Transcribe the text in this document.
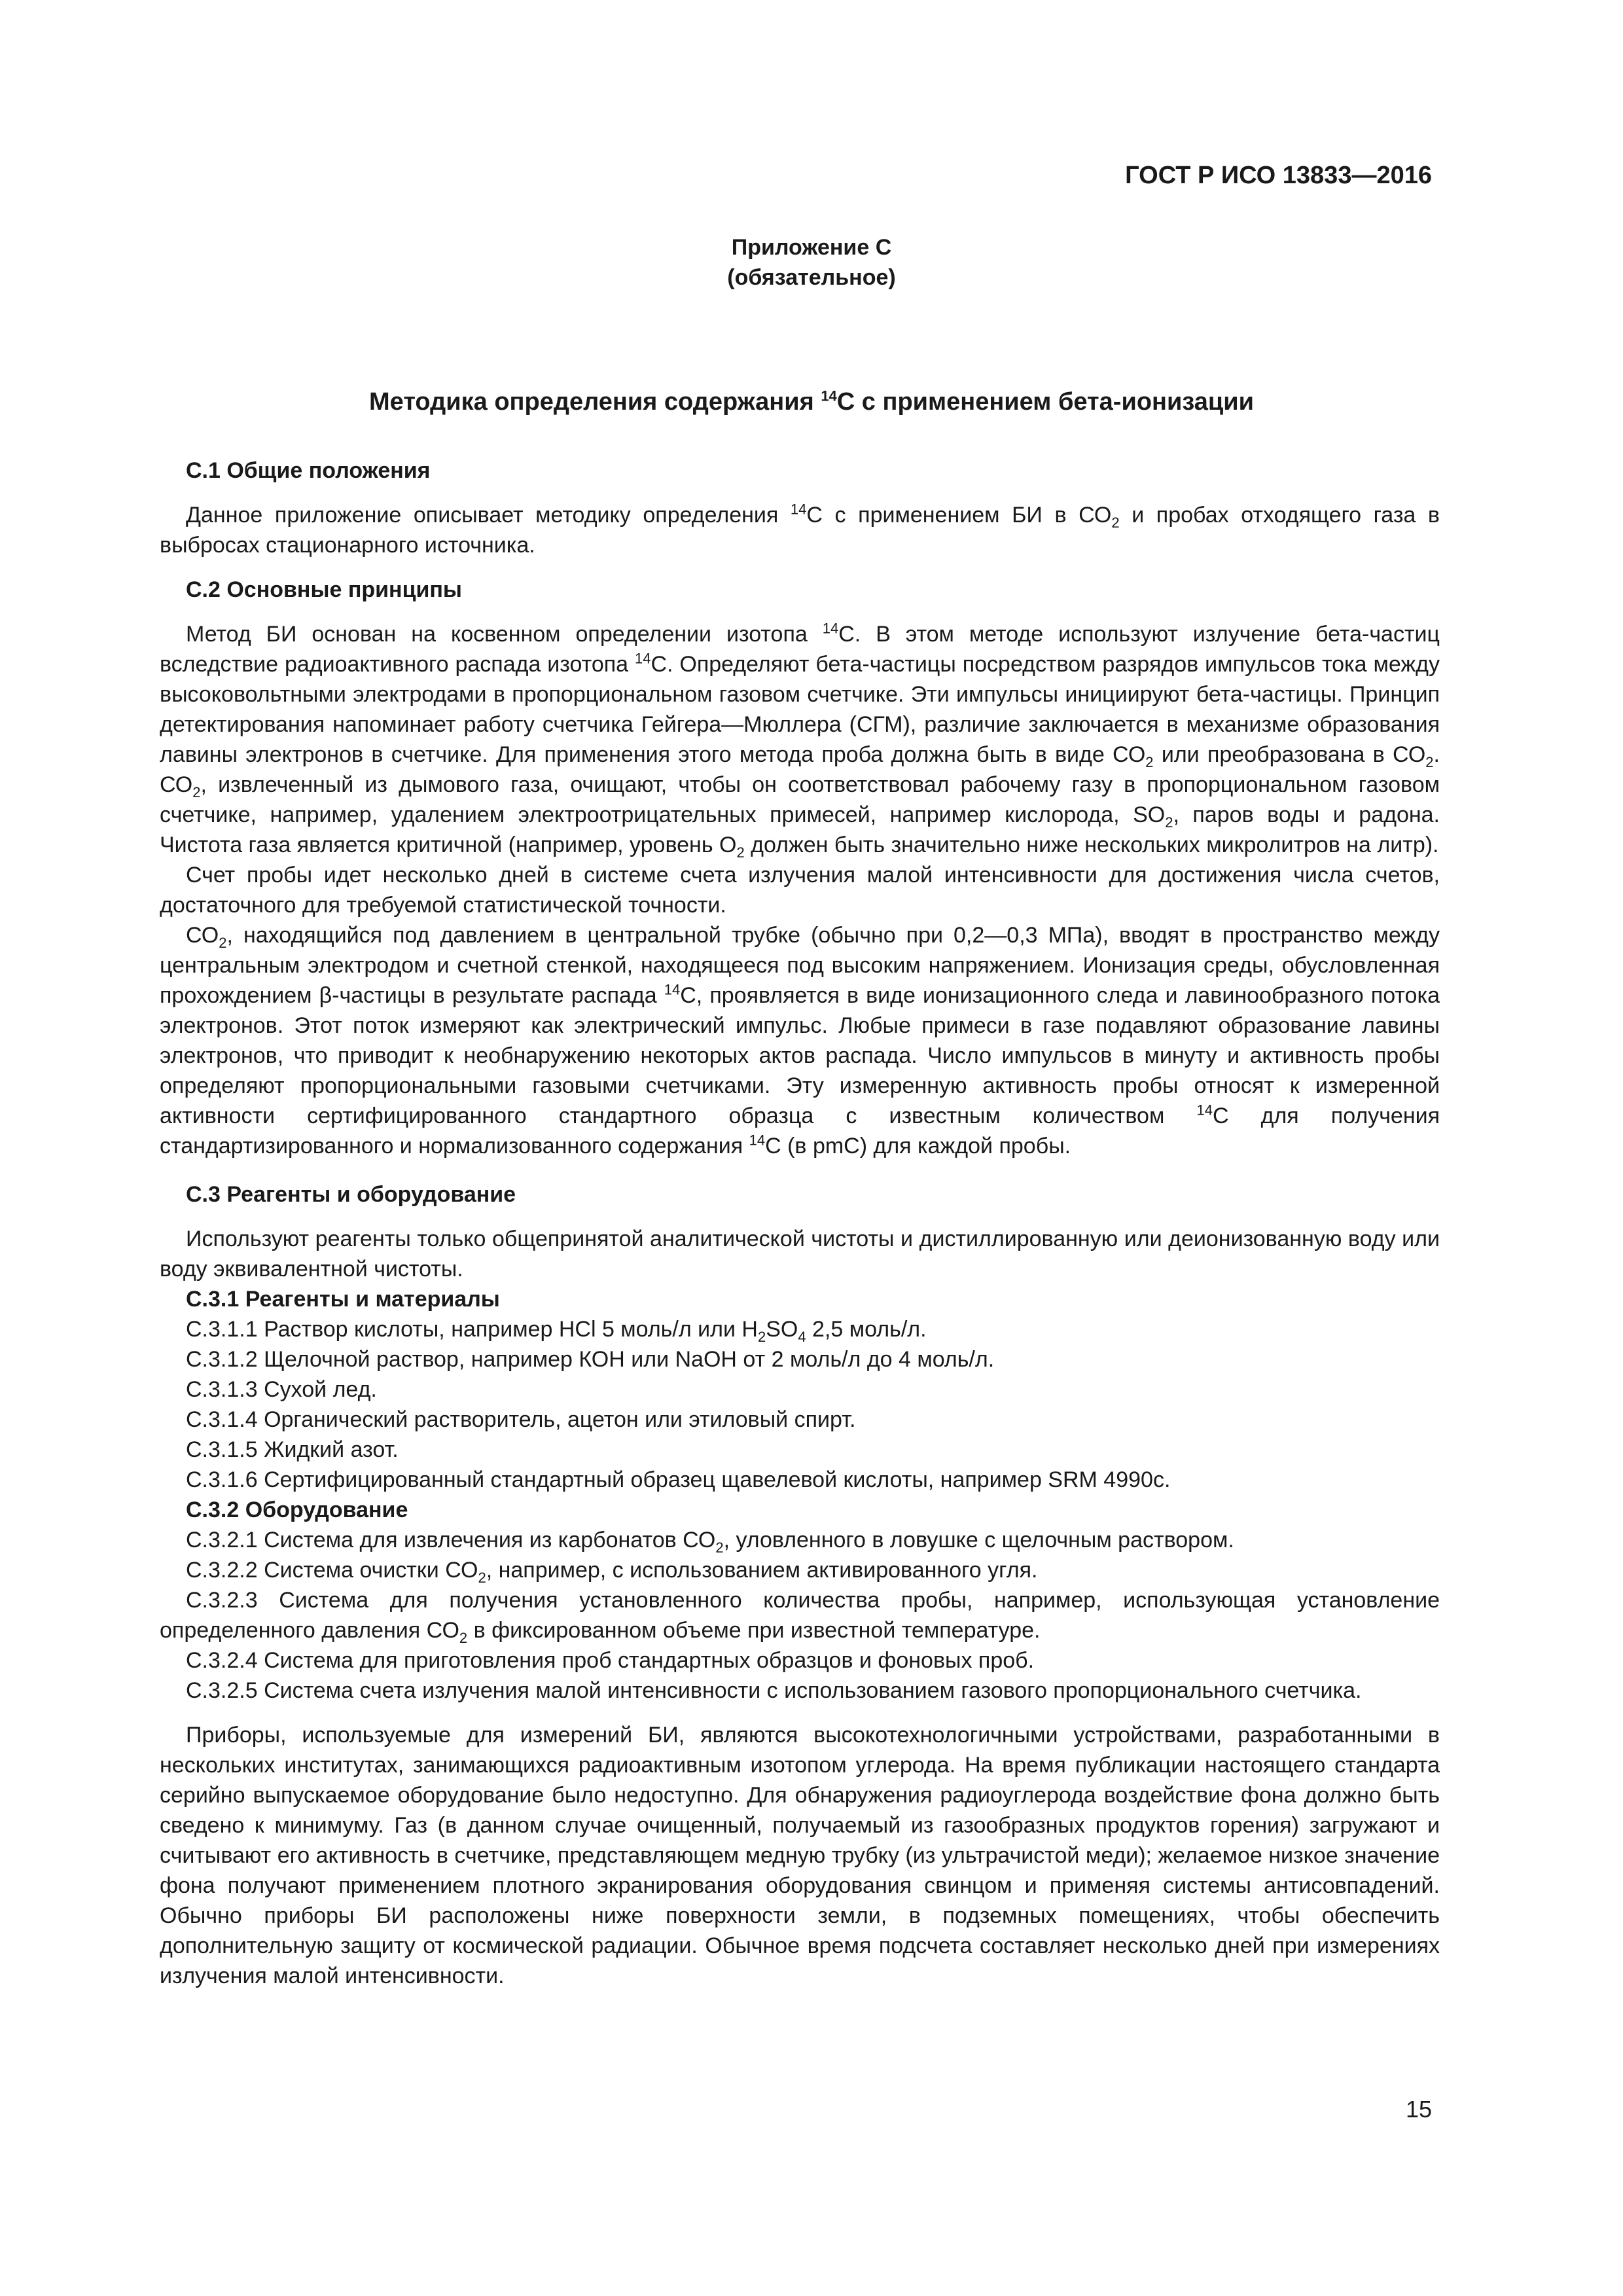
ГОСТ Р ИСО 13833—2016
Приложение С
(обязательное)
Методика определения содержания $^{14}$С с применением бета-ионизации
С.1 Общие положения

Данное приложение описывает методику определения $^{14}$С с применением БИ в $СО_2$ и пробах отходящего газа в выбросах стационарного источника.

С.2 Основные принципы

Метод БИ основан на косвенном определении изотопа $^{14}$С. В этом методе используют излучение бета-частиц вследствие радиоактивного распада изотопа $^{14}$С. Определяют бета-частицы посредством разрядов импульсов тока между высоковольтными электродами в пропорциональном газовом счетчике. Эти импульсы инициируют бета-частицы. Принцип детектирования напоминает работу счетчика Гейгера—Мюллера (СГМ), различие заключается в механизме образования лавины электронов в счетчике. Для применения этого метода проба должна быть в виде $СО_2$ или преобразована в $СО_2$. $СО_2$, извлеченный из дымового газа, очищают, чтобы он соответствовал рабочему газу в пропорциональном газовом счетчике, например, удалением электроотрицательных примесей, например кислорода, $SO_2$, паров воды и радона. Чистота газа является критичной (например, уровень $О_2$ должен быть значительно ниже нескольких микролитров на литр).

Счет пробы идет несколько дней в системе счета излучения малой интенсивности для достижения числа счетов, достаточного для требуемой статистической точности.

$СО_2$, находящийся под давлением в центральной трубке (обычно при 0,2—0,3 МПа), вводят в пространство между центральным электродом и счетной стенкой, находящееся под высоким напряжением. Ионизация среды, обусловленная прохождением β-частицы в результате распада $^{14}$С, проявляется в виде ионизационного следа и лавинообразного потока электронов. Этот поток измеряют как электрический импульс. Любые примеси в газе подавляют образование лавины электронов, что приводит к необнаружению некоторых актов распада. Число импульсов в минуту и активность пробы определяют пропорциональными газовыми счетчиками. Эту измеренную активность пробы относят к измеренной активности сертифицированного стандартного образца с известным количеством $^{14}$С для получения стандартизированного и нормализованного содержания $^{14}$С (в pmC) для каждой пробы.

С.3 Реагенты и оборудование

Используют реагенты только общепринятой аналитической чистоты и дистиллированную или деионизованную воду или воду эквивалентной чистоты.

С.3.1 Реагенты и материалы
С.3.1.1 Раствор кислоты, например НСl 5 моль/л или $H_2SO_4$ 2,5 моль/л.
С.3.1.2 Щелочной раствор, например КОН или NaOH от 2 моль/л до 4 моль/л.
С.3.1.3 Сухой лед.
С.3.1.4 Органический растворитель, ацетон или этиловый спирт.
С.3.1.5 Жидкий азот.
С.3.1.6 Сертифицированный стандартный образец щавелевой кислоты, например SRM 4990c.
С.3.2 Оборудование
С.3.2.1 Система для извлечения из карбонатов $СО_2$, уловленного в ловушке с щелочным раствором.
С.3.2.2 Система очистки $СО_2$, например, с использованием активированного угля.
С.3.2.3 Система для получения установленного количества пробы, например, использующая установление определенного давления $СО_2$ в фиксированном объеме при известной температуре.
С.3.2.4 Система для приготовления проб стандартных образцов и фоновых проб.
С.3.2.5 Система счета излучения малой интенсивности с использованием газового пропорционального счетчика.

Приборы, используемые для измерений БИ, являются высокотехнологичными устройствами, разработанными в нескольких институтах, занимающихся радиоактивным изотопом углерода. На время публикации настоящего стандарта серийно выпускаемое оборудование было недоступно. Для обнаружения радиоуглерода воздействие фона должно быть сведено к минимуму. Газ (в данном случае очищенный, получаемый из газообразных продуктов горения) загружают и считывают его активность в счетчике, представляющем медную трубку (из ультрачистой меди); желаемое низкое значение фона получают применением плотного экранирования оборудования свинцом и применяя системы антисовпадений. Обычно приборы БИ расположены ниже поверхности земли, в подземных помещениях, чтобы обеспечить дополнительную защиту от космической радиации. Обычное время подсчета составляет несколько дней при измерениях излучения малой интенсивности.

15
